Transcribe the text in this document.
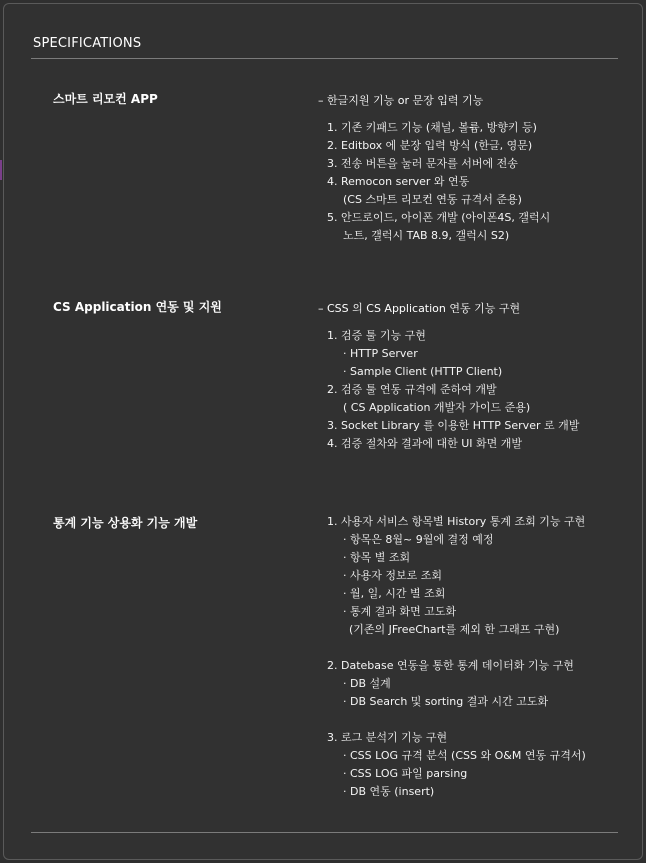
SPECIFICATIONS
스마트 리모컨 APP	– 한글지원 기능 or 문장 입력 기능
1. 기존 키패드 기능 (채널, 볼륨, 방향키 등)
2. Editbox 에 분장 입력 방식 (한글, 영문)
3. 전송 버튼을 눌러 문자를 서버에 전송
4. Remocon server 와 연동
(CS 스마트 리모컨 연동 규격서 준용)
5. 안드로이드, 아이폰 개발 (아이폰4S, 갤럭시
노트, 갤럭시 TAB 8.9, 갤럭시 S2)
CS Application 연동 및 지원	– CSS 의 CS Application 연동 기능 구현
1. 검증 툴 기능 구현
· HTTP Server
· Sample Client (HTTP Client)
2. 검증 툴 연동 규격에 준하여 개발
( CS Application 개발자 가이드 준용)
3. Socket Library 를 이용한 HTTP Server 로 개발
4. 검증 절차와 결과에 대한 UI 화면 개발
통계 기능 상용화 기능 개발	1. 사용자 서비스 항목별 History 통계 조회 기능 구현
· 항목은 8월~ 9월에 결정 예정
· 항목 별 조회
· 사용자 정보로 조회
· 월, 일, 시간 별 조회
· 통계 결과 화면 고도화
(기존의 JFreeChart를 제외 한 그래프 구현)
2. Datebase 연동을 통한 통계 데이터화 기능 구현
· DB 설계
· DB Search 및 sorting 결과 시간 고도화
3. 로그 분석기 기능 구현
· CSS LOG 규격 분석 (CSS 와 O&M 연동 규격서)
· CSS LOG 파일 parsing
· DB 연동 (insert)
